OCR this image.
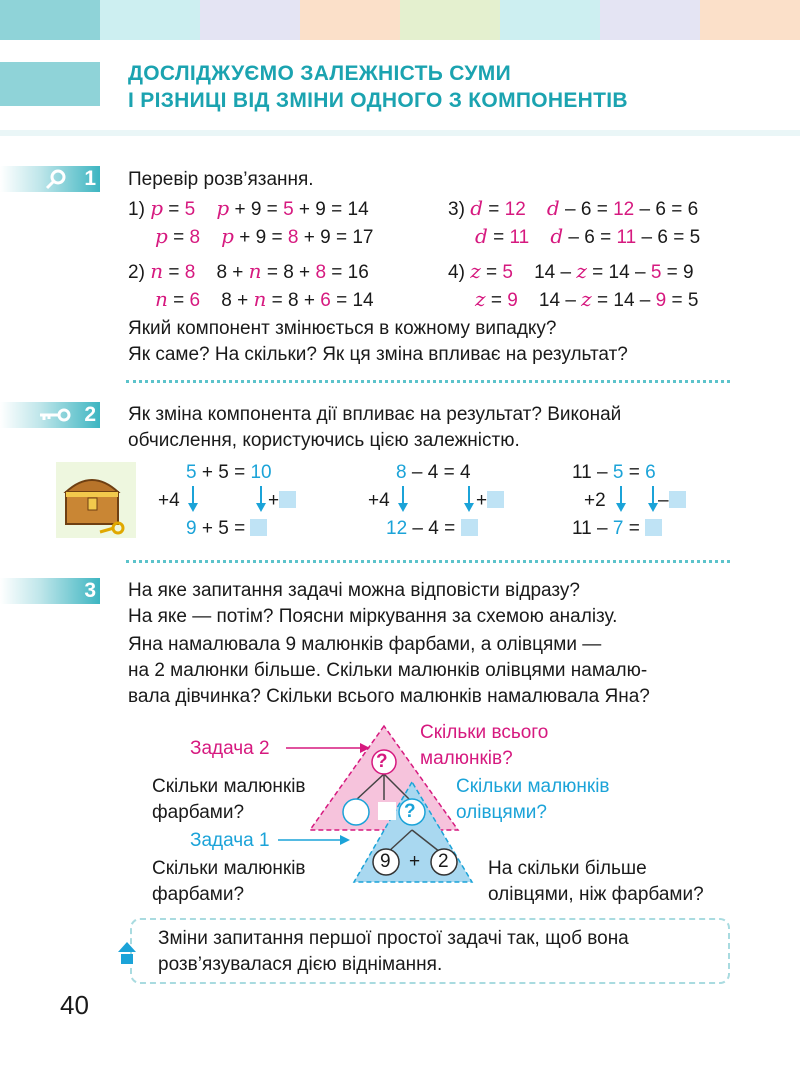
ДОСЛІДЖУЄМО ЗАЛЕЖНІСТЬ СУМИ
І РІЗНИЦІ ВІД ЗМІНИ ОДНОГО З КОМПОНЕНТІВ
1 Перевір розв’язання.
1) p = 5 p + 9 = 5 + 9 = 14
p = 8 p + 9 = 8 + 9 = 17
3) d = 12 d – 6 = 12 – 6 = 6
d = 11 d – 6 = 11 – 6 = 5
2) n = 8 8 + n = 8 + 8 = 16
n = 6 8 + n = 8 + 6 = 14
4) z = 5 14 – z = 14 – 5 = 9
z = 9 14 – z = 14 – 9 = 5
Який компонент змінюється в кожному випадку?
Як саме? На скільки? Як ця зміна впливає на результат?
2 Як зміна компонента дії впливає на результат? Виконай
обчислення, користуючись цією залежністю.
5 + 5 = 10
+4	+
9 + 5 =
8 – 4 = 4
+4	+
12 – 4 =
11 – 5 = 6
+2	–
11 – 7 =
3 На яке запитання задачі можна відповісти відразу?
На яке — потім? Поясни міркування за схемою аналізу.
Яна намалювала 9 малюнків фарбами, а олівцями —
на 2 малюнки більше. Скільки малюнків олівцями намалю-
вала дівчинка? Скільки всього малюнків намалювала Яна?
?
?
9 + 2
Задача 2
Задача 1
Скільки всього
малюнків?
Скільки малюнків
фарбами?
Скільки малюнків
олівцями?
Скільки малюнків
фарбами?
На скільки більше
олівцями, ніж фарбами?
Зміни запитання першої простої задачі так, щоб вона
розв’язувалася дією віднімання.
40
